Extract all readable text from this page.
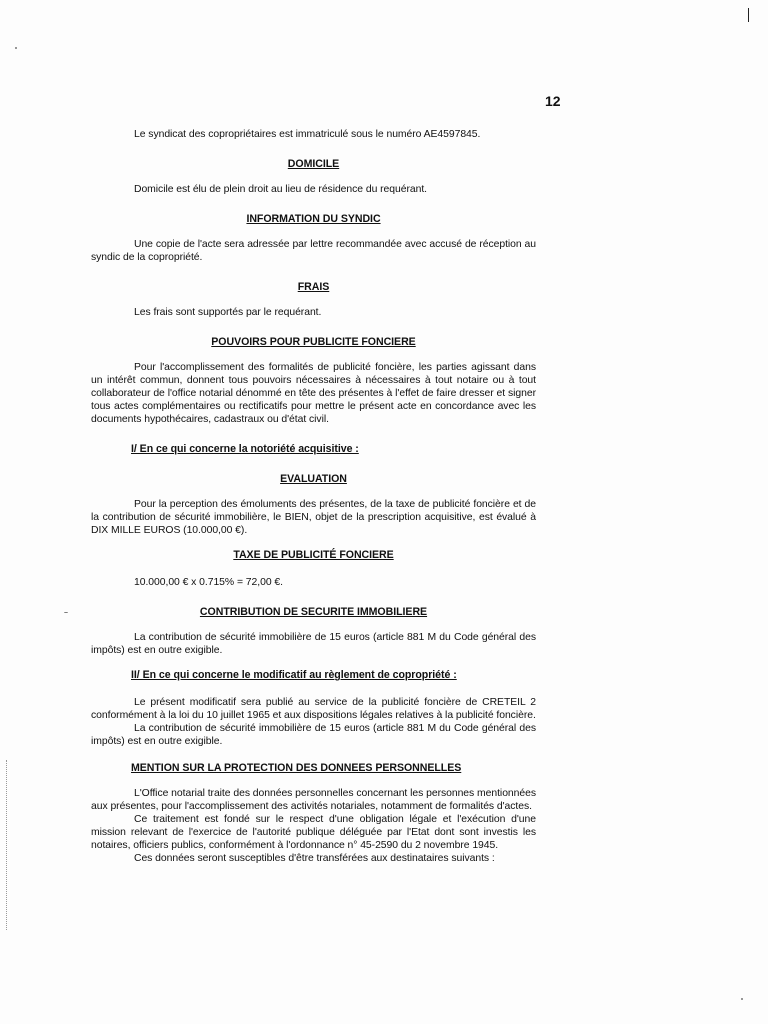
12

Le syndicat des copropriétaires est immatriculé sous le numéro AE4597845.

DOMICILE

Domicile est élu de plein droit au lieu de résidence du requérant.

INFORMATION DU SYNDIC

Une copie de l'acte sera adressée par lettre recommandée avec accusé de réception au syndic de la copropriété.

FRAIS

Les frais sont supportés par le requérant.

POUVOIRS POUR PUBLICITE FONCIERE

Pour l'accomplissement des formalités de publicité foncière, les parties agissant dans un intérêt commun, donnent tous pouvoirs nécessaires à nécessaires à tout notaire ou à tout collaborateur de l'office notarial dénommé en tête des présentes à l'effet de faire dresser et signer tous actes complémentaires ou rectificatifs pour mettre le présent acte en concordance avec les documents hypothécaires, cadastraux ou d'état civil.

I/ En ce qui concerne la notoriété acquisitive :
EVALUATION

Pour la perception des émoluments des présentes, de la taxe de publicité foncière et de la contribution de sécurité immobilière, le BIEN, objet de la prescription acquisitive, est évalué à DIX MILLE EUROS (10.000,00 €).

TAXE DE PUBLICITÉ FONCIERE

10.000,00 € x 0.715% = 72,00 €.

CONTRIBUTION DE SECURITE IMMOBILIERE

La contribution de sécurité immobilière de 15 euros (article 881 M du Code général des impôts) est en outre exigible.

II/ En ce qui concerne le modificatif au règlement de copropriété :

Le présent modificatif sera publié au service de la publicité foncière de CRETEIL 2 conformément à la loi du 10 juillet 1965 et aux dispositions légales relatives à la publicité foncière.

La contribution de sécurité immobilière de 15 euros (article 881 M du Code général des impôts) est en outre exigible.

MENTION SUR LA PROTECTION DES DONNEES PERSONNELLES

L'Office notarial traite des données personnelles concernant les personnes mentionnées aux présentes, pour l'accomplissement des activités notariales, notamment de formalités d'actes.

Ce traitement est fondé sur le respect d'une obligation légale et l'exécution d'une mission relevant de l'exercice de l'autorité publique déléguée par l'Etat dont sont investis les notaires, officiers publics, conformément à l'ordonnance n° 45-2590 du 2 novembre 1945.

Ces données seront susceptibles d'être transférées aux destinataires suivants :
